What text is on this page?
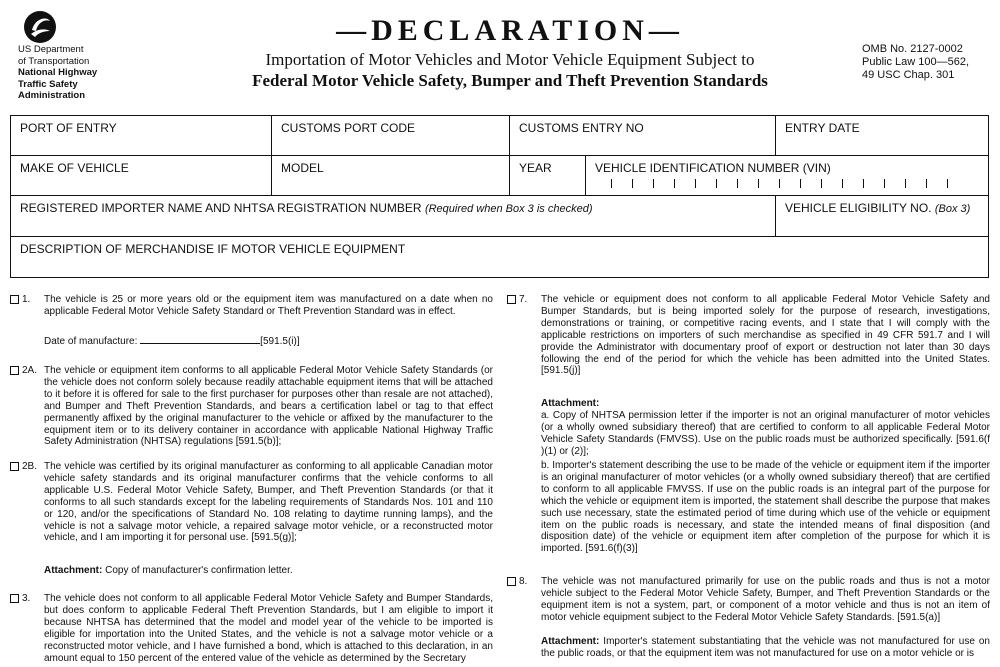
US Department
of Transportation
National Highway
Traffic Safety
Administration
—DECLARATION—
Importation of Motor Vehicles and Motor Vehicle Equipment Subject to
Federal Motor Vehicle Safety, Bumper and Theft Prevention Standards
OMB No. 2127-0002
Public Law 100—562,
49 USC Chap. 301
PORT OF ENTRY	CUSTOMS PORT CODE	CUSTOMS ENTRY NO	ENTRY DATE
MAKE OF VEHICLE	MODEL	YEAR	VEHICLE IDENTIFICATION NUMBER (VIN)
REGISTERED IMPORTER NAME AND NHTSA REGISTRATION NUMBER (Required when Box 3 is checked)	VEHICLE ELIGIBILITY NO. (Box 3)
DESCRIPTION OF MERCHANDISE IF MOTOR VEHICLE EQUIPMENT
1. The vehicle is 25 or more years old or the equipment item was manufactured on a date when no applicable Federal Motor Vehicle Safety Standard or Theft Prevention Standard was in effect.
Date of manufacture:	[591.5(i)]
2A. The vehicle or equipment item conforms to all applicable Federal Motor Vehicle Safety Standards (or the vehicle does not conform solely because readily attachable equipment items that will be attached to it before it is offered for sale to the first purchaser for purposes other than resale are not attached), and Bumper and Theft Prevention Standards, and bears a certification label or tag to that effect permanently affixed by the original manufacturer to the vehicle or affixed by the manufacturer to the equipment item or to its delivery container in accordance with applicable National Highway Traffic Safety Administration (NHTSA) regulations [591.5(b)];
2B. The vehicle was certified by its original manufacturer as conforming to all applicable Canadian motor vehicle safety standards and its original manufacturer confirms that the vehicle conforms to all applicable U.S. Federal Motor Vehicle Safety, Bumper, and Theft Prevention Standards (or that it conforms to all such standards except for the labeling requirements of Standards Nos. 101 and 110 or 120, and/or the specifications of Standard No. 108 relating to daytime running lamps), and the vehicle is not a salvage motor vehicle, a repaired salvage motor vehicle, or a reconstructed motor vehicle, and I am importing it for personal use. [591.5(g)];
Attachment: Copy of manufacturer's confirmation letter.
3. The vehicle does not conform to all applicable Federal Motor Vehicle Safety and Bumper Standards, but does conform to applicable Federal Theft Prevention Standards, but I am eligible to import it because NHTSA has determined that the model and model year of the vehicle to be imported is eligible for importation into the United States, and the vehicle is not a salvage motor vehicle or a reconstructed motor vehicle, and I have furnished a bond, which is attached to this declaration, in an amount equal to 150 percent of the entered value of the vehicle as determined by the Secretary
7. The vehicle or equipment does not conform to all applicable Federal Motor Vehicle Safety and Bumper Standards, but is being imported solely for the purpose of research, investigations, demonstrations or training, or competitive racing events, and I state that I will comply with the applicable restrictions on importers of such merchandise as specified in 49 CFR 591.7 and I will provide the Administrator with documentary proof of export or destruction not later than 30 days following the end of the period for which the vehicle has been admitted into the United States. [591.5(j)]
Attachment:
a. Copy of NHTSA permission letter if the importer is not an original manufacturer of motor vehicles (or a wholly owned subsidiary thereof) that are certified to conform to all applicable Federal Motor Vehicle Safety Standards (FMVSS). Use on the public roads must be authorized specifically. [591.6(f )(1) or (2)];
b. Importer's statement describing the use to be made of the vehicle or equipment item if the importer is an original manufacturer of motor vehicles (or a wholly owned subsidiary thereof) that are certified to conform to all applicable FMVSS. If use on the public roads is an integral part of the purpose for which the vehicle or equipment item is imported, the statement shall describe the purpose that makes such use necessary, state the estimated period of time during which use of the vehicle or equipment item on the public roads is necessary, and state the intended means of final disposition (and disposition date) of the vehicle or equipment item after completion of the purpose for which it is imported. [591.6(f)(3)]
8. The vehicle was not manufactured primarily for use on the public roads and thus is not a motor vehicle subject to the Federal Motor Vehicle Safety, Bumper, and Theft Prevention Standards or the equipment item is not a system, part, or component of a motor vehicle and thus is not an item of motor vehicle equipment subject to the Federal Motor Vehicle Safety Standards. [591.5(a)]
Attachment: Importer's statement substantiating that the vehicle was not manufactured for use on the public roads, or that the equipment item was not manufactured for use on a motor vehicle or is
